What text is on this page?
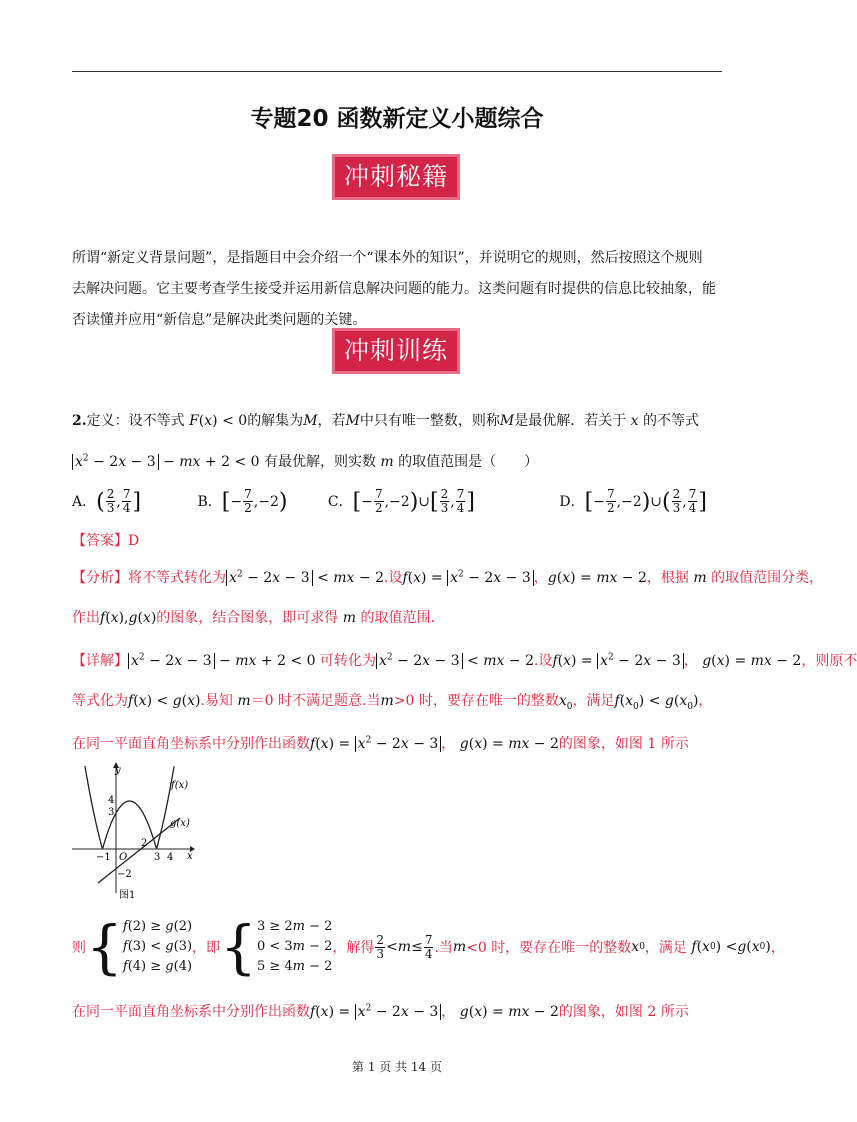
专题20 函数新定义小题综合
冲刺秘籍
所谓“新定义背景问题”，是指题目中会介绍一个“课本外的知识”，并说明它的规则，然后按照这个规则
去解决问题。它主要考查学生接受并运用新信息解决问题的能力。这类问题有时提供的信息比较抽象，能
否读懂并应用“新信息”是解决此类问题的关键。
冲刺训练
2.定义：设不等式 F(x) < 0的解集为M，若M中只有唯一整数，则称M是最优解．若关于 x 的不等式
$x^2 - 2x - 3$ − mx + 2 < 0 有最优解，则实数 m 的取值范围是（　　）
A．( $\frac{2}{3}$ , $\frac{7}{4}$ ]	B．[− $\frac{7}{2} ,-2$)	C．[− $\frac{7}{2}$ ,−2)∪[ $\frac{2}{3}$ , $\frac{7}{4}$ ]	D．[− $\frac{7}{2}$ ,−2)∪( $\frac{2}{3}$ , $\frac{7}{4}$ ]
【答案】D
【分析】将不等式转化为 $x^2 - 2x - 3$ < mx − 2.设$f(x) = x^2 - 2x - 3$ ，g(x) = mx − 2，根据 m 的取值范围分类，
作出f(x),g(x)的图象，结合图象，即可求得 m 的取值范围.
【详解】 $x^2 - 2x - 3$ − mx + 2 < 0 可转化为 $x^2 - 2x - 3$ < mx − 2.设$f(x) = x^2 - 2x - 3$ ， g(x) = mx − 2，则原不
等式化为f(x) < g(x).易知 m＝0 时不满足题意.当m>0 时，要存在唯一的整数$x_0$，满足$f(x_0) < g(x_0)$，
在同一平面直角坐标系中分别作出函数$f(x) = x^2 - 2x - 3$ ， g(x) = mx − 2的图象，如图 1 所示
y
x
O
4
3
−2
−1
2
3 4
f(x)
g(x)
图1
则 { f(2) ≥ g(2)
f(3) < g(3)
f(4) ≥ g(4)
，即 { 3 ≥ 2m − 2
0 < 3m − 2
5 ≥ 4m − 2
，解得 $\frac{2}{3} < m \le \frac{7}{4}$ .当 m <0 时，要存在唯一的整数 x 0 ，满足
f ( x 0 ) < g ( x 0 ) ，
在同一平面直角坐标系中分别作出函数$f(x) = x^2 - 2x - 3$ ， g(x) = mx − 2的图象，如图 2 所示
第 1 页 共 14 页
